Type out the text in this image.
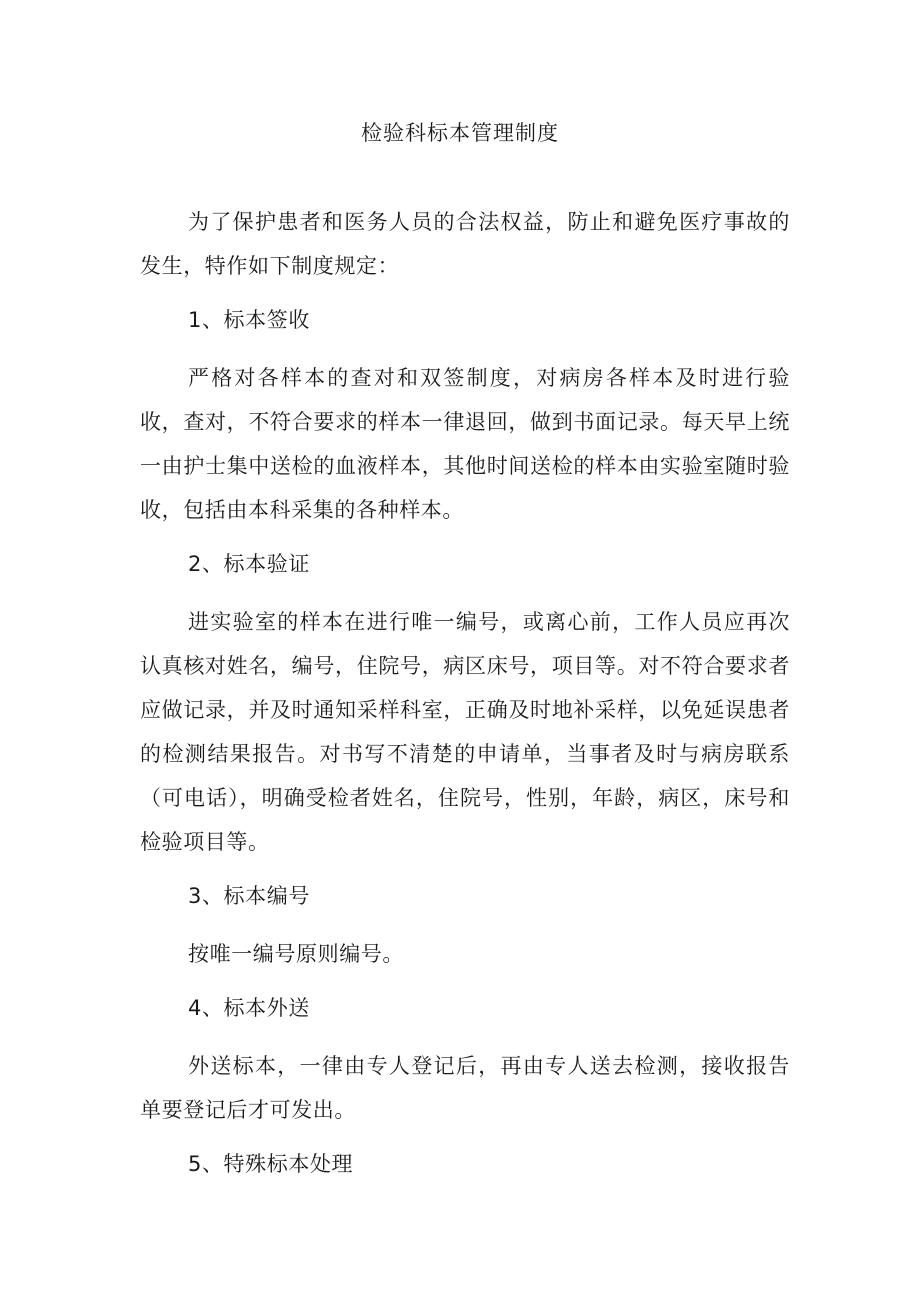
检验科标本管理制度

为了保护患者和医务人员的合法权益，防止和避免医疗事故的发生，特作如下制度规定：

1、标本签收

严格对各样本的查对和双签制度，对病房各样本及时进行验收，查对，不符合要求的样本一律退回，做到书面记录。每天早上统一由护士集中送检的血液样本，其他时间送检的样本由实验室随时验收，包括由本科采集的各种样本。

2、标本验证

进实验室的样本在进行唯一编号，或离心前，工作人员应再次认真核对姓名，编号，住院号，病区床号，项目等。对不符合要求者应做记录，并及时通知采样科室，正确及时地补采样，以免延误患者的检测结果报告。对书写不清楚的申请单，当事者及时与病房联系（可电话），明确受检者姓名，住院号，性别，年龄，病区，床号和检验项目等。

3、标本编号

按唯一编号原则编号。

4、标本外送

外送标本，一律由专人登记后，再由专人送去检测，接收报告单要登记后才可发出。

5、特殊标本处理
